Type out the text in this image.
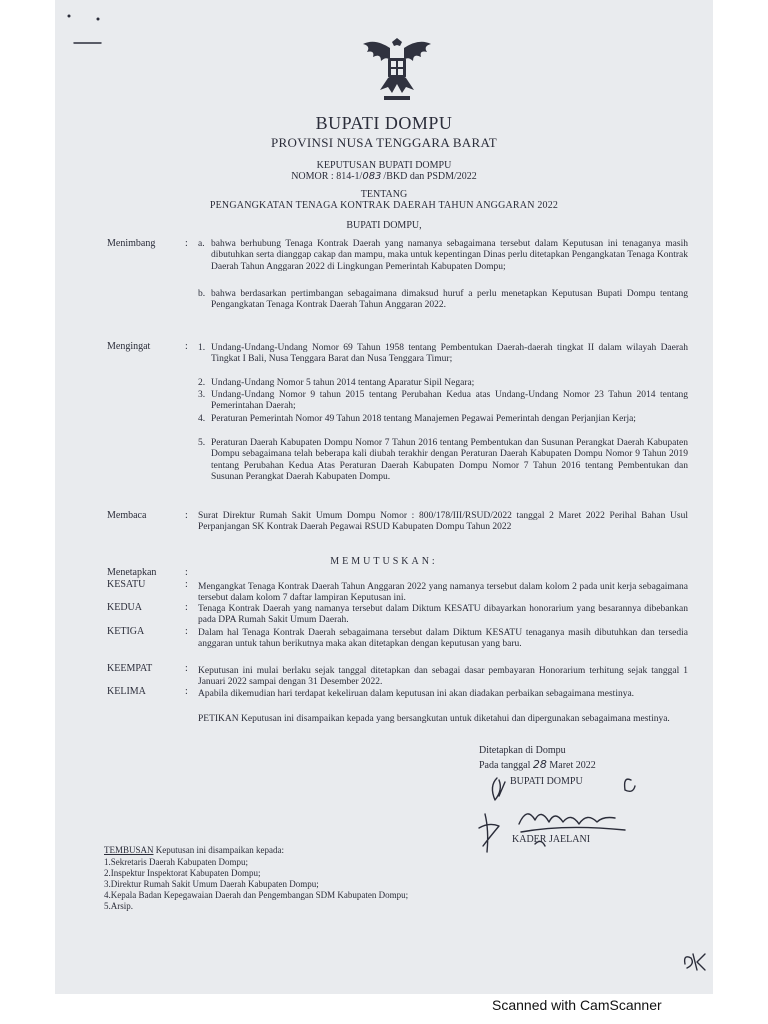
BUPATI DOMPU
PROVINSI NUSA TENGGARA BARAT
KEPUTUSAN BUPATI DOMPU
NOMOR : 814-1/083 /BKD dan PSDM/2022
TENTANG
PENGANGKATAN TENAGA KONTRAK DAERAH TAHUN ANGGARAN 2022
BUPATI DOMPU,
Menimbang	: a. bahwa berhubung Tenaga Kontrak Daerah yang namanya sebagaimana tersebut dalam Keputusan ini tenaganya masih dibutuhkan serta dianggap cakap dan mampu, maka untuk kepentingan Dinas perlu ditetapkan Pengangkatan Tenaga Kontrak Daerah Tahun Anggaran 2022 di Lingkungan Pemerintah Kabupaten Dompu;
b. bahwa berdasarkan pertimbangan sebagaimana dimaksud huruf a perlu menetapkan Keputusan Bupati Dompu tentang Pengangkatan Tenaga Kontrak Daerah Tahun Anggaran 2022.
Mengingat	: 1. Undang-Undang-Undang Nomor 69 Tahun 1958 tentang Pembentukan Daerah-daerah tingkat II dalam wilayah Daerah Tingkat I Bali, Nusa Tenggara Barat dan Nusa Tenggara Timur;
2. Undang-Undang Nomor 5 tahun 2014 tentang Aparatur Sipil Negara;
3. Undang-Undang Nomor 9 tahun 2015 tentang Perubahan Kedua atas Undang-Undang Nomor 23 Tahun 2014 tentang Pemerintahan Daerah;
4. Peraturan Pemerintah Nomor 49 Tahun 2018 tentang Manajemen Pegawai Pemerintah dengan Perjanjian Kerja;
5. Peraturan Daerah Kabupaten Dompu Nomor 7 Tahun 2016 tentang Pembentukan dan Susunan Perangkat Daerah Kabupaten Dompu sebagaimana telah beberapa kali diubah terakhir dengan Peraturan Daerah Kabupaten Dompu Nomor 9 Tahun 2019 tentang Perubahan Kedua Atas Peraturan Daerah Kabupaten Dompu Nomor 7 Tahun 2016 tentang Pembentukan dan Susunan Perangkat Daerah Kabupaten Dompu.
Membaca	: Surat Direktur Rumah Sakit Umum Dompu Nomor : 800/178/III/RSUD/2022 tanggal 2 Maret 2022 Perihal Bahan Usul Perpanjangan SK Kontrak Daerah Pegawai RSUD Kabupaten Dompu Tahun 2022
MEMUTUSKAN:
Menetapkan	:
KESATU	: Mengangkat Tenaga Kontrak Daerah Tahun Anggaran 2022 yang namanya tersebut dalam kolom 2 pada unit kerja sebagaimana tersebut dalam kolom 7 daftar lampiran Keputusan ini.
KEDUA	: Tenaga Kontrak Daerah yang namanya tersebut dalam Diktum KESATU dibayarkan honorarium yang besarannya dibebankan pada DPA Rumah Sakit Umum Daerah.
KETIGA	: Dalam hal Tenaga Kontrak Daerah sebagaimana tersebut dalam Diktum KESATU tenaganya masih dibutuhkan dan tersedia anggaran untuk tahun berikutnya maka akan ditetapkan dengan keputusan yang baru.
KEEMPAT	: Keputusan ini mulai berlaku sejak tanggal ditetapkan dan sebagai dasar pembayaran Honorarium terhitung sejak tanggal 1 Januari 2022 sampai dengan 31 Desember 2022.
KELIMA	: Apabila dikemudian hari terdapat kekeliruan dalam keputusan ini akan diadakan perbaikan sebagaimana mestinya.
PETIKAN Keputusan ini disampaikan kepada yang bersangkutan untuk diketahui dan dipergunakan sebagaimana mestinya.
Ditetapkan di Dompu
Pada tanggal 28 Maret 2022
BUPATI DOMPU
KADER JAELANI
TEMBUSAN Keputusan ini disampaikan kepada:
1.Sekretaris Daerah Kabupaten Dompu;
2.Inspektur Inspektorat Kabupaten Dompu;
3.Direktur Rumah Sakit Umum Daerah Kabupaten Dompu;
4.Kepala Badan Kepegawaian Daerah dan Pengembangan SDM Kabupaten Dompu;
5.Arsip.
Scanned with CamScanner
